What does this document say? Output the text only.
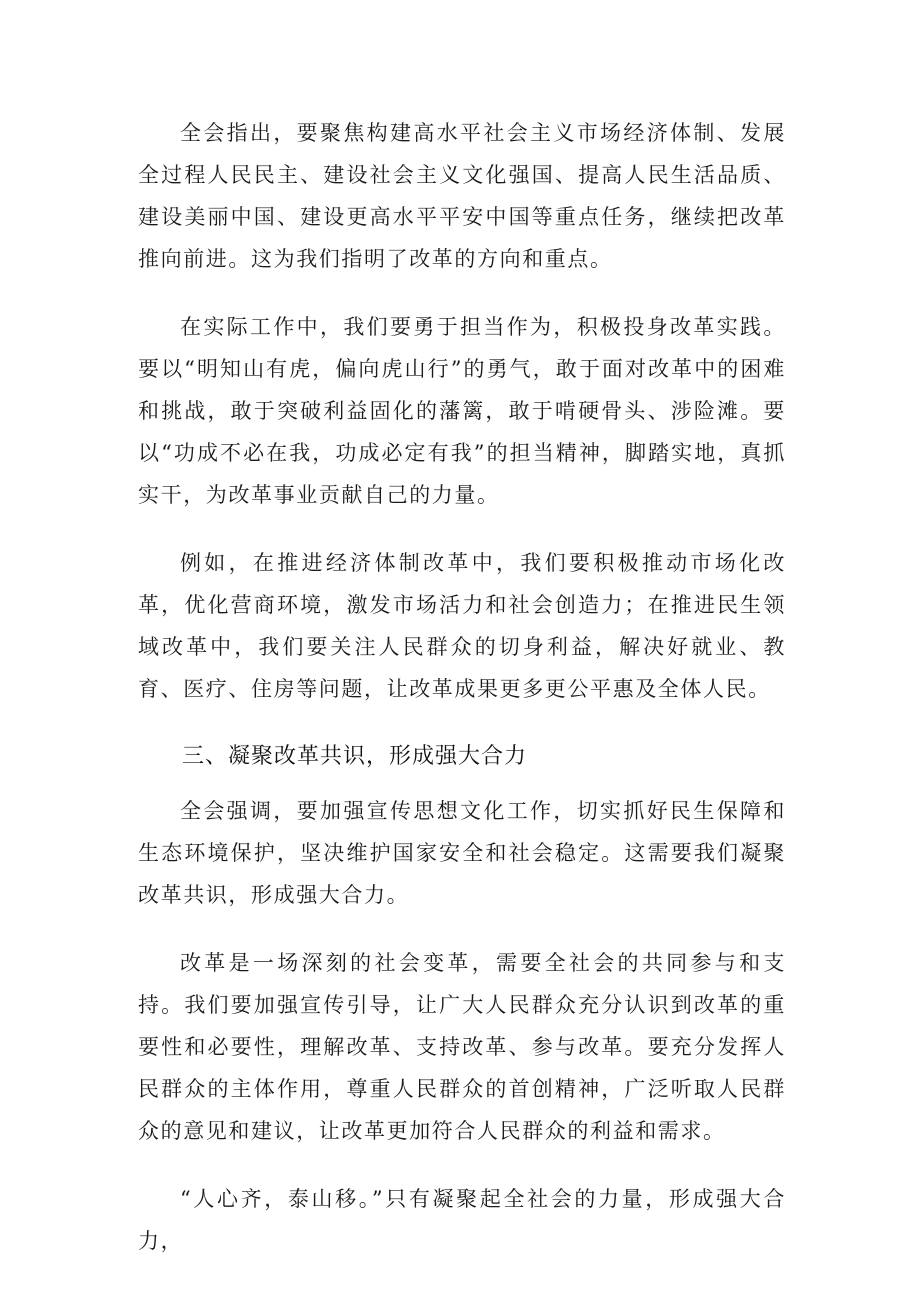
全会指出，要聚焦构建高水平社会主义市场经济体制、发展全过程人民民主、建设社会主义文化强国、提高人民生活品质、建设美丽中国、建设更高水平平安中国等重点任务，继续把改革推向前进。这为我们指明了改革的方向和重点。

在实际工作中，我们要勇于担当作为，积极投身改革实践。要以“明知山有虎，偏向虎山行”的勇气，敢于面对改革中的困难和挑战，敢于突破利益固化的藩篱，敢于啃硬骨头、涉险滩。要以“功成不必在我，功成必定有我”的担当精神，脚踏实地，真抓实干，为改革事业贡献自己的力量。

例如，在推进经济体制改革中，我们要积极推动市场化改革，优化营商环境，激发市场活力和社会创造力；在推进民生领域改革中，我们要关注人民群众的切身利益，解决好就业、教育、医疗、住房等问题，让改革成果更多更公平惠及全体人民。

三、凝聚改革共识，形成强大合力

全会强调，要加强宣传思想文化工作，切实抓好民生保障和生态环境保护，坚决维护国家安全和社会稳定。这需要我们凝聚改革共识，形成强大合力。

改革是一场深刻的社会变革，需要全社会的共同参与和支持。我们要加强宣传引导，让广大人民群众充分认识到改革的重要性和必要性，理解改革、支持改革、参与改革。要充分发挥人民群众的主体作用，尊重人民群众的首创精神，广泛听取人民群众的意见和建议，让改革更加符合人民群众的利益和需求。

“人心齐，泰山移。”只有凝聚起全社会的力量，形成强大合力，
